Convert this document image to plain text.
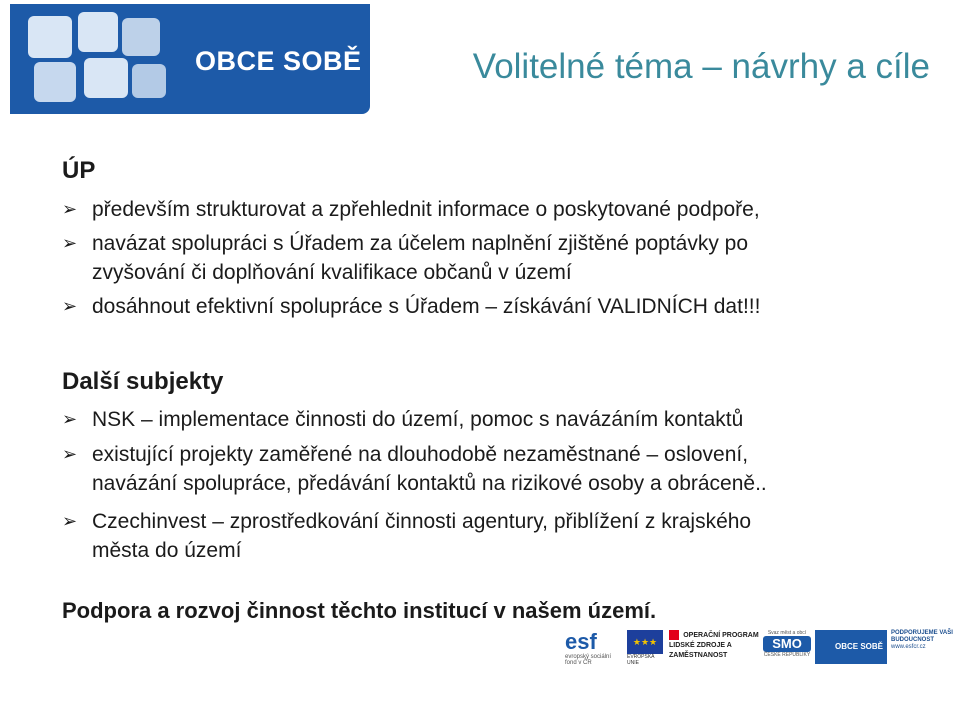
OBCE SOBĚ	Volitelné téma – návrhy a cíle
ÚP
➢ především strukturovat a zpřehlednit informace o poskytované podpoře,
➢ navázat spolupráci s Úřadem za účelem naplnění zjištěné poptávky po
zvyšování či doplňování kvalifikace občanů v území
➢ dosáhnout efektivní spolupráce s Úřadem – získávání VALIDNÍCH dat!!!
Další subjekty
➢ NSK – implementace činnosti do území, pomoc s navázáním kontaktů
➢ existující projekty zaměřené na dlouhodobě nezaměstnané – oslovení,
navázání spolupráce, předávání kontaktů na rizikové osoby a obráceně..
➢ Czechinvest – zprostředkování činnosti agentury, přiblížení z krajského
města do území
Podpora a rozvoj činnost těchto institucí v našem území.
esf
evropský sociální fond v ČR
★★★
EVROPSKÁ UNIE
OPERAČNÍ PROGRAM LIDSKÉ ZDROJE A ZAMĚSTNANOST
Svaz měst a obcí
SMO
ČESKÉ REPUBLIKY
OBCE SOBĚ
PODPORUJEME VAŠI BUDOUCNOST
www.esfcr.cz
